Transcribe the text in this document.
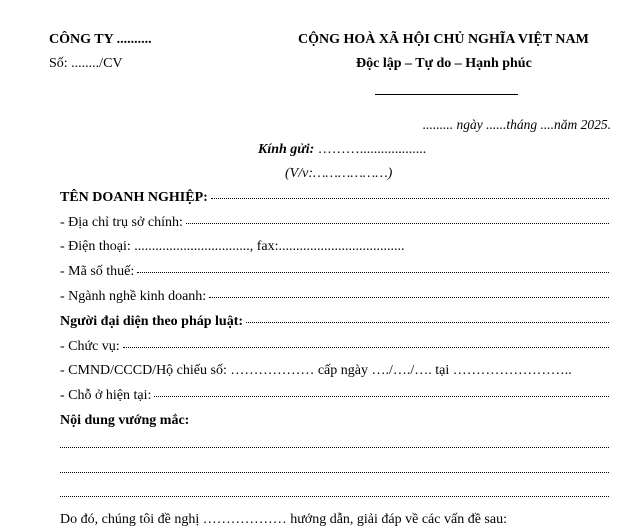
CÔNG TY ..........
Số: ......../CV
CỘNG HOÀ XÃ HỘI CHỦ NGHĨA VIỆT NAM
Độc lập – Tự do – Hạnh phúc
......... ngày ......tháng ....năm 2025.
Kính gửi: ………...................
(V/v:………………)
TÊN DOANH NGHIỆP:
- Địa chỉ trụ sở chính:
- Điện thoại: ................................., fax:....................................
- Mã số thuế:
- Ngành nghề kinh doanh:
Người đại diện theo pháp luật:
- Chức vụ:
- CMND/CCCD/Hộ chiếu số: ……………… cấp ngày …./…./…. tại ……………………..
- Chỗ ở hiện tại:
Nội dung vướng mắc:
Do đó, chúng tôi đề nghị ……………… hướng dẫn, giải đáp về các vấn đề sau:
